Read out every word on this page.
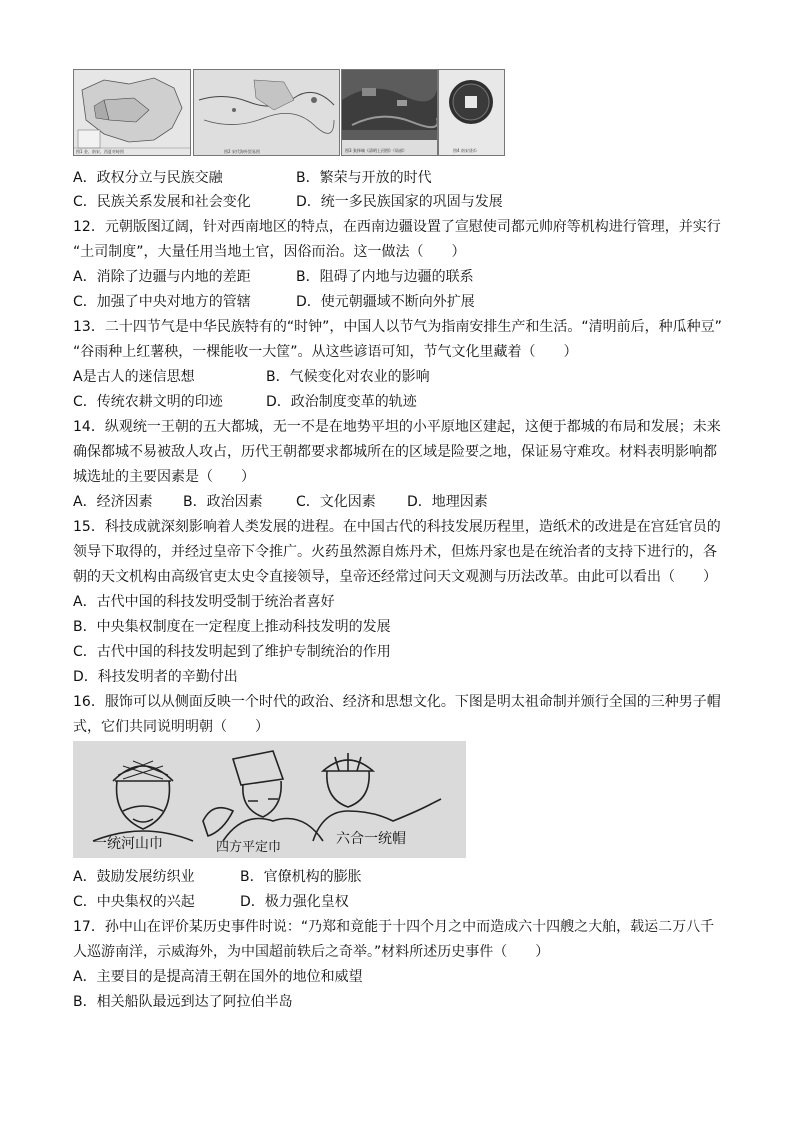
图1 金、南宋、西夏对峙图	图2 宋代海外贸易图	图3 张择端《清明上河图》（局部）	图4 南宋货币
A．政权分立与民族交融	B．繁荣与开放的时代
C．民族关系发展和社会变化	D．统一多民族国家的巩固与发展
12．元朝版图辽阔，针对西南地区的特点，在西南边疆设置了宣慰使司都元帅府等机构进行管理，并实行
“土司制度”，大量任用当地土官，因俗而治。这一做法（　　）
A．消除了边疆与内地的差距	B．阻碍了内地与边疆的联系
C．加强了中央对地方的管辖	D．使元朝疆域不断向外扩展
13．二十四节气是中华民族特有的“时钟”，中国人以节气为指南安排生产和生活。“清明前后，种瓜种豆”
“谷雨种上红薯秧，一棵能收一大筐”。从这些谚语可知，节气文化里藏着（　　）
A是古人的迷信思想	B．气候变化对农业的影响
C．传统农耕文明的印迹	D．政治制度变革的轨迹
14．纵观统一王朝的五大都城，无一不是在地势平坦的小平原地区建起，这便于都城的布局和发展；未来
确保都城不易被敌人攻占，历代王朝都要求都城所在的区域是险要之地，保证易守难攻。材料表明影响都
城选址的主要因素是（　　）
A．经济因素 B．政治因素 C．文化因素 D．地理因素
15．科技成就深刻影响着人类发展的进程。在中国古代的科技发展历程里，造纸术的改进是在宫廷官员的
领导下取得的，并经过皇帝下令推广。火药虽然源自炼丹术，但炼丹家也是在统治者的支持下进行的，各
朝的天文机构由高级官吏太史令直接领导，皇帝还经常过问天文观测与历法改革。由此可以看出（　　）
A．古代中国的科技发明受制于统治者喜好
B．中央集权制度在一定程度上推动科技发明的发展
C．古代中国的科技发明起到了维护专制统治的作用
D．科技发明者的辛勤付出
16．服饰可以从侧面反映一个时代的政治、经济和思想文化。下图是明太祖命制并颁行全国的三种男子帽
式，它们共同说明明朝（　　）
一统河山巾	四方平定巾
六合一统帽
A．鼓励发展纺织业	B．官僚机构的膨胀
C．中央集权的兴起	D．极力强化皇权
17．孙中山在评价某历史事件时说：“乃郑和竟能于十四个月之中而造成六十四艘之大舶，载运二万八千
人巡游南洋，示威海外，为中国超前轶后之奇举。”材料所述历史事件（　　）
A．主要目的是提高清王朝在国外的地位和威望
B．相关船队最远到达了阿拉伯半岛
